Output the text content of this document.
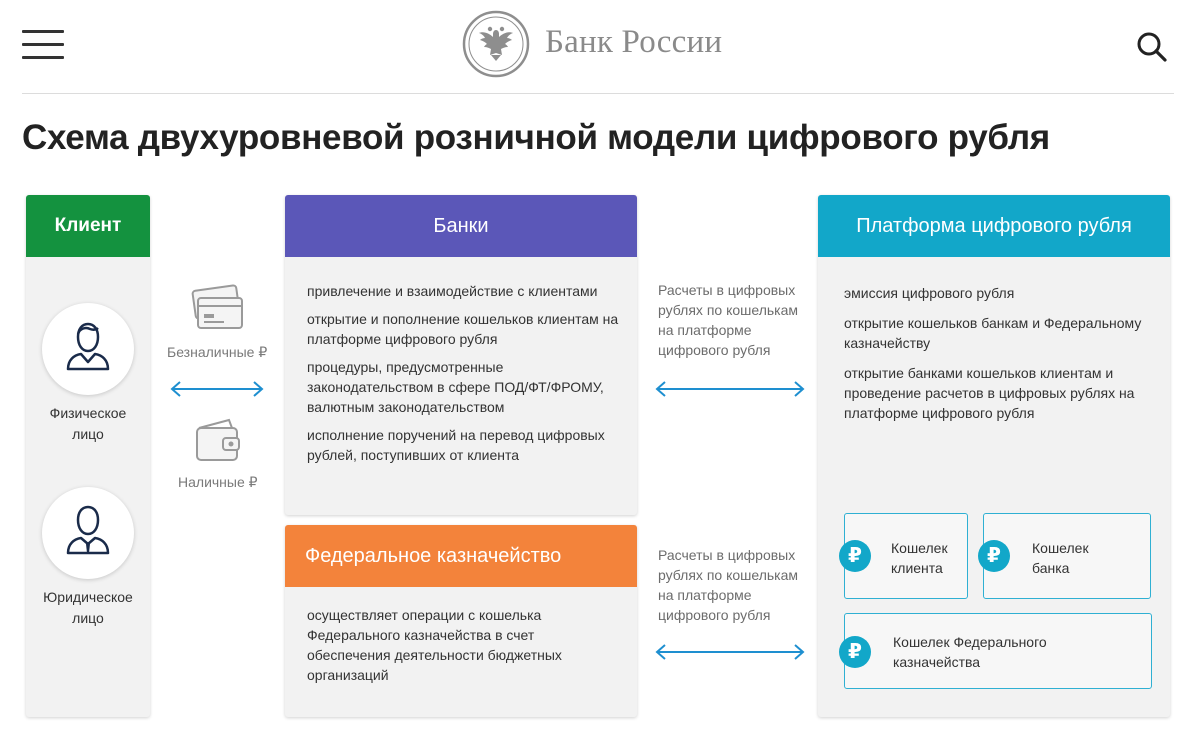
Банк России
Схема двухуровневой розничной модели цифрового рубля
Клиент
Физическое
лицо
Юридическое
лицо
Безналичные ₽
Наличные ₽
Банки

привлечение и взаимодействие с клиентами

открытие и пополнение кошельков клиентам на платформе цифрового рубля

процедуры, предусмотренные законодательством в сфере ПОД/ФТ/ФРОМУ, валютным законодательством

исполнение поручений на перевод цифровых рублей, поступивших от клиента

Федеральное казначейство

осуществляет операции с кошелька Федерального казначейства в счет обеспечения деятельности бюджетных организаций

Расчеты в цифровых рублях по кошелькам на платформе цифрового рубля
Расчеты в цифровых рублях по кошелькам на платформе цифрового рубля
Платформа цифрового рубля

эмиссия цифрового рубля

открытие кошельков банкам и Федеральному казначейству

открытие банками кошельков клиентам и проведение расчетов в цифровых рублях на платформе цифрового рубля

₽	Кошелек
клиента
₽	Кошелек
банка
₽	Кошелек Федерального
казначейства
